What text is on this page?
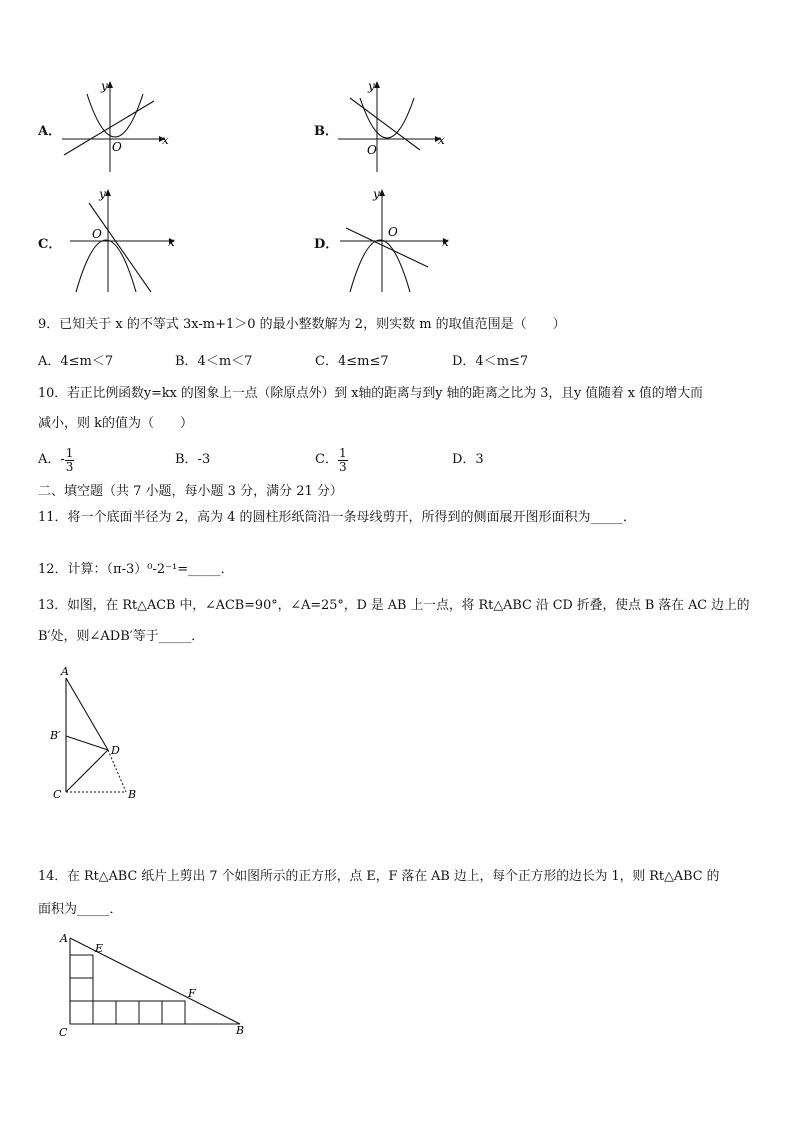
A．
y
x
O
B．
y
x
O
C．
y
x
O
D．
y
x
O
9．已知关于 x 的不等式 3x-m+1＞0 的最小整数解为 2，则实数 m 的取值范围是（　　）
A．4≤m＜7	B．4＜m＜7	C．4≤m≤7	D．4＜m≤7
10．若正比例函数y=kx 的图象上一点（除原点外）到 x轴的距离与到y 轴的距离之比为 3，且y 值随着 x 值的增大而
减小，则 k的值为（　　）
A．- $\frac{1}{3}$	B．-3	C． $\frac{1}{3}$	D．3
二、填空题（共 7 小题，每小题 3 分，满分 21 分）
11．将一个底面半径为 2，高为 4 的圆柱形纸筒沿一条母线剪开，所得到的侧面展开图形面积为_____．
12．计算：（π-3）⁰-2⁻¹=_____．
13．如图，在 Rt△ACB 中，∠ACB=90°，∠A=25°，D 是 AB 上一点，将 Rt△ABC 沿 CD 折叠，使点 B 落在 AC 边上的
B′处，则∠ADB′等于_____．
A
B′
D
C	B
14．在 Rt△ABC 纸片上剪出 7 个如图所示的正方形，点 E，F 落在 AB 边上，每个正方形的边长为 1，则 Rt△ABC 的
面积为_____．
A
E
F
C	B
